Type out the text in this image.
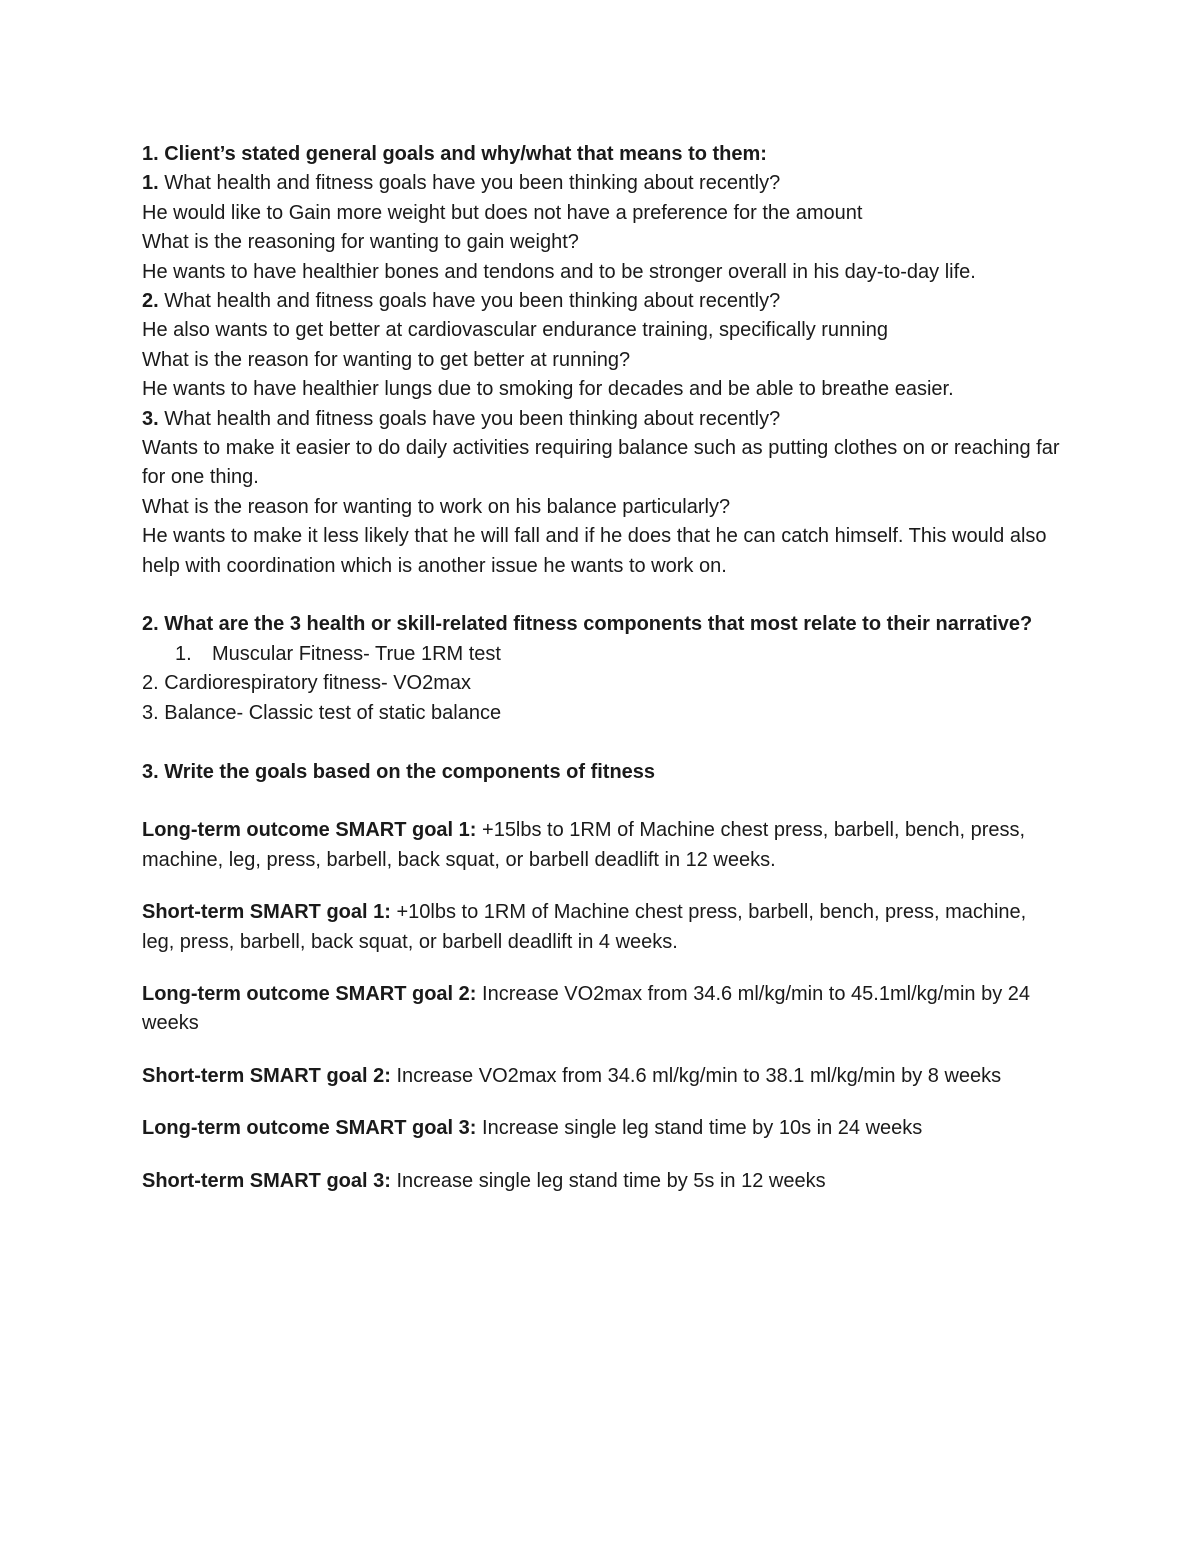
1. Client’s stated general goals and why/what that means to them:

1. What health and fitness goals have you been thinking about recently?

He would like to Gain more weight but does not have a preference for the amount

What is the reasoning for wanting to gain weight?

He wants to have healthier bones and tendons and to be stronger overall in his day-to-day life.

2. What health and fitness goals have you been thinking about recently?

He also wants to get better at cardiovascular endurance training, specifically running

What is the reason for wanting to get better at running?

He wants to have healthier lungs due to smoking for decades and be able to breathe easier.

3. What health and fitness goals have you been thinking about recently?

Wants to make it easier to do daily activities requiring balance such as putting clothes on or reaching far for one thing.

What is the reason for wanting to work on his balance particularly?

He wants to make it less likely that he will fall and if he does that he can catch himself. This would also help with coordination which is another issue he wants to work on.

2. What are the 3 health or skill-related fitness components that most relate to their narrative?

1. Muscular Fitness- True 1RM test

2. Cardiorespiratory fitness- VO2max

3. Balance- Classic test of static balance

3. Write the goals based on the components of fitness

Long-term outcome SMART goal 1: +15lbs to 1RM of Machine chest press, barbell, bench, press, machine, leg, press, barbell, back squat, or barbell deadlift in 12 weeks.

Short-term SMART goal 1: +10lbs to 1RM of Machine chest press, barbell, bench, press, machine, leg, press, barbell, back squat, or barbell deadlift in 4 weeks.

Long-term outcome SMART goal 2: Increase VO2max from 34.6 ml/kg/min to 45.1ml/kg/min by 24 weeks

Short-term SMART goal 2: Increase VO2max from 34.6 ml/kg/min to 38.1 ml/kg/min by 8 weeks

Long-term outcome SMART goal 3: Increase single leg stand time by 10s in 24 weeks

Short-term SMART goal 3: Increase single leg stand time by 5s in 12 weeks
